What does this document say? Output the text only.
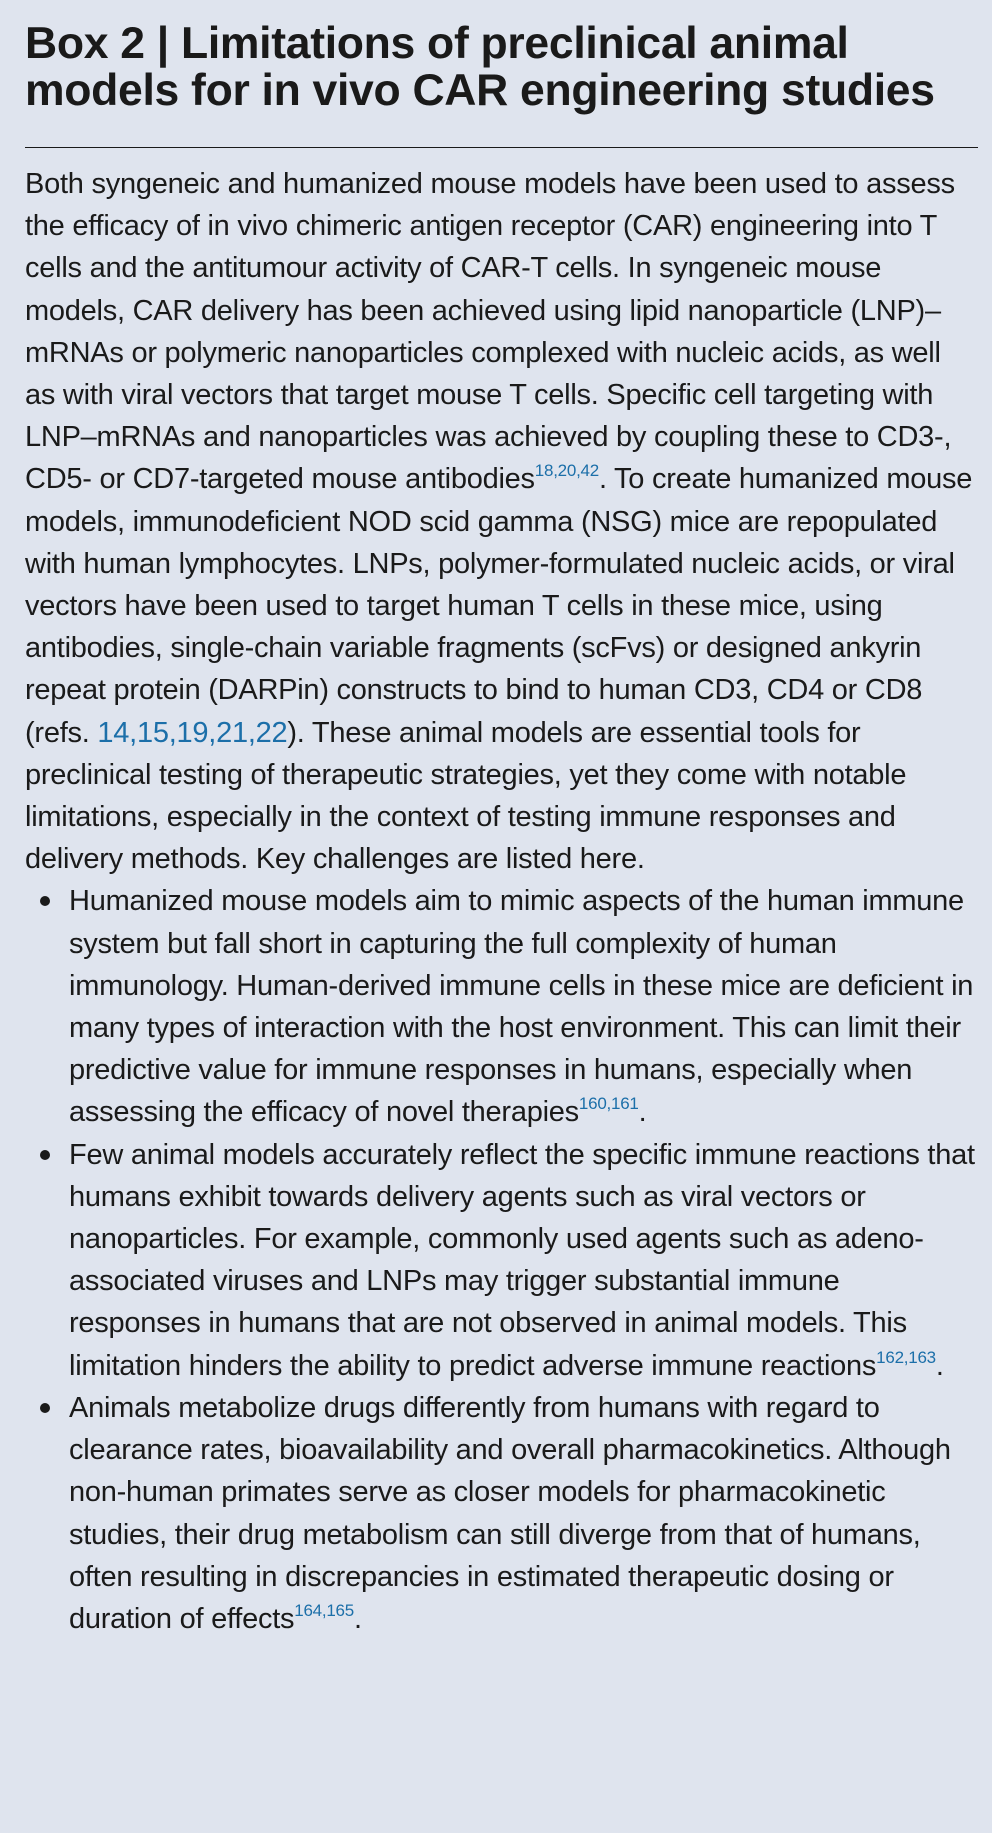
Box 2 | Limitations of preclinical animal models for in vivo CAR engineering studies

Both syngeneic and humanized mouse models have been used to assess the efficacy of in vivo chimeric antigen receptor (CAR) engineering into T cells and the antitumour activity of CAR-T cells. In syngeneic mouse models, CAR delivery has been achieved using lipid nanoparticle (LNP)–mRNAs or polymeric nanoparticles complexed with nucleic acids, as well as with viral vectors that target mouse T cells. Specific cell targeting with LNP–mRNAs and nanoparticles was achieved by coupling these to CD3-, CD5- or CD7-targeted mouse antibodies$^{18,20,42}$. To create humanized mouse models, immunodeficient NOD scid gamma (NSG) mice are repopulated with human lymphocytes. LNPs, polymer-formulated nucleic acids, or viral vectors have been used to target human T cells in these mice, using antibodies, single-chain variable fragments (scFvs) or designed ankyrin repeat protein (DARPin) constructs to bind to human CD3, CD4 or CD8 (refs. 14,15,19,21,22). These animal models are essential tools for preclinical testing of therapeutic strategies, yet they come with notable limitations, especially in the context of testing immune responses and delivery methods. Key challenges are listed here.

Humanized mouse models aim to mimic aspects of the human immune system but fall short in capturing the full complexity of human immunology. Human-derived immune cells in these mice are deficient in many types of interaction with the host environment. This can limit their predictive value for immune responses in humans, especially when assessing the efficacy of novel therapies$^{160,161}$.
Few animal models accurately reflect the specific immune reactions that humans exhibit towards delivery agents such as viral vectors or nanoparticles. For example, commonly used agents such as adeno-associated viruses and LNPs may trigger substantial immune responses in humans that are not observed in animal models. This limitation hinders the ability to predict adverse immune reactions$^{162,163}$.
Animals metabolize drugs differently from humans with regard to clearance rates, bioavailability and overall pharmacokinetics. Although non-human primates serve as closer models for pharmacokinetic studies, their drug metabolism can still diverge from that of humans, often resulting in discrepancies in estimated therapeutic dosing or duration of effects$^{164,165}$.
